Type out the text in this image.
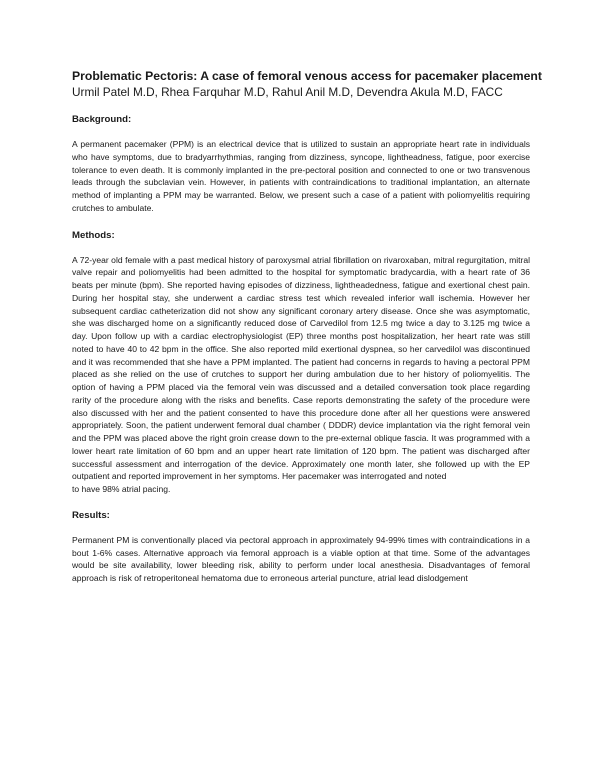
Problematic Pectoris: A case of femoral venous access for pacemaker placement

Urmil Patel M.D, Rhea Farquhar M.D, Rahul Anil M.D, Devendra Akula M.D, FACC

Background:

A permanent pacemaker (PPM) is an electrical device that is utilized to sustain an appropriate heart rate in individuals who have symptoms, due to bradyarrhythmias, ranging from dizziness, syncope, lightheadness, fatigue, poor exercise tolerance to even death. It is commonly implanted in the pre-pectoral position and connected to one or two transvenous leads through the subclavian vein. However, in patients with contraindications to traditional implantation, an alternate method of implanting a PPM may be warranted. Below, we present such a case of a patient with poliomyelitis requiring crutches to ambulate.

Methods:
A 72-year old female with a past medical history of paroxysmal atrial fibrillation on rivaroxaban, mitral regurgitation, mitral valve repair and poliomyelitis had been admitted to the hospital for symptomatic bradycardia, with a heart rate of 36 beats per minute (bpm). She reported having episodes of dizziness, lightheadedness, fatigue and exertional chest pain. During her hospital stay, she underwent a cardiac stress test which revealed inferior wall ischemia. However her subsequent cardiac catheterization did not show any significant coronary artery disease. Once she was asymptomatic, she was discharged home on a significantly reduced dose of Carvedilol from 12.5 mg twice a day to 3.125 mg twice a day. Upon follow up with a cardiac electrophysiologist (EP) three months post hospitalization, her heart rate was still noted to have 40 to 42 bpm in the office. She also reported mild exertional dyspnea, so her carvedilol was discontinued and it was recommended that she have a PPM implanted. The patient had concerns in regards to having a pectoral PPM placed as she relied on the use of crutches to support her during ambulation due to her history of poliomyelitis. The option of having a PPM placed via the femoral vein was discussed and a detailed conversation took place regarding rarity of the procedure along with the risks and benefits. Case reports demonstrating the safety of the procedure were also discussed with her and the patient consented to have this procedure done after all her questions were answered appropriately. Soon, the patient underwent femoral dual chamber ( DDDR) device implantation via the right femoral vein and the PPM was placed above the right groin crease down to the pre-external oblique fascia. It was programmed with a lower heart rate limitation of 60 bpm and an upper heart rate limitation of 120 bpm. The patient was discharged after successful assessment and interrogation of the device. Approximately one month later, she followed up with the EP outpatient and reported improvement in her symptoms. Her pacemaker was interrogated and noted
to have 98% atrial pacing.
Results:

Permanent PM is conventionally placed via pectoral approach in approximately 94-99% times with contraindications in a bout 1-6% cases. Alternative approach via femoral approach is a viable option at that time. Some of the advantages would be site availability, lower bleeding risk, ability to perform under local anesthesia. Disadvantages of femoral approach is risk of retroperitoneal hematoma due to erroneous arterial puncture, atrial lead dislodgement
